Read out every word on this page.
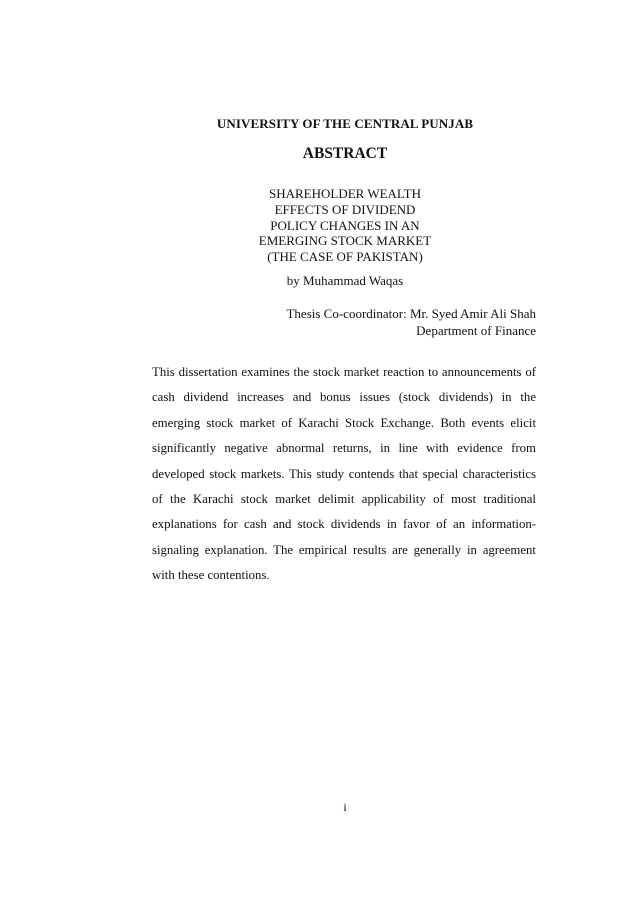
UNIVERSITY OF THE CENTRAL PUNJAB
ABSTRACT
SHAREHOLDER WEALTH
EFFECTS OF DIVIDEND
POLICY CHANGES IN AN
EMERGING STOCK MARKET
(THE CASE OF PAKISTAN)
by Muhammad Waqas
Thesis Co-coordinator: Mr. Syed Amir Ali Shah
Department of Finance

This dissertation examines the stock market reaction to announcements of cash dividend increases and bonus issues (stock dividends) in the emerging stock market of Karachi Stock Exchange. Both events elicit significantly negative abnormal returns, in line with evidence from developed stock markets. This study contends that special characteristics of the Karachi stock market delimit applicability of most traditional explanations for cash and stock dividends in favor of an information-signaling explanation. The empirical results are generally in agreement with these contentions.

i
